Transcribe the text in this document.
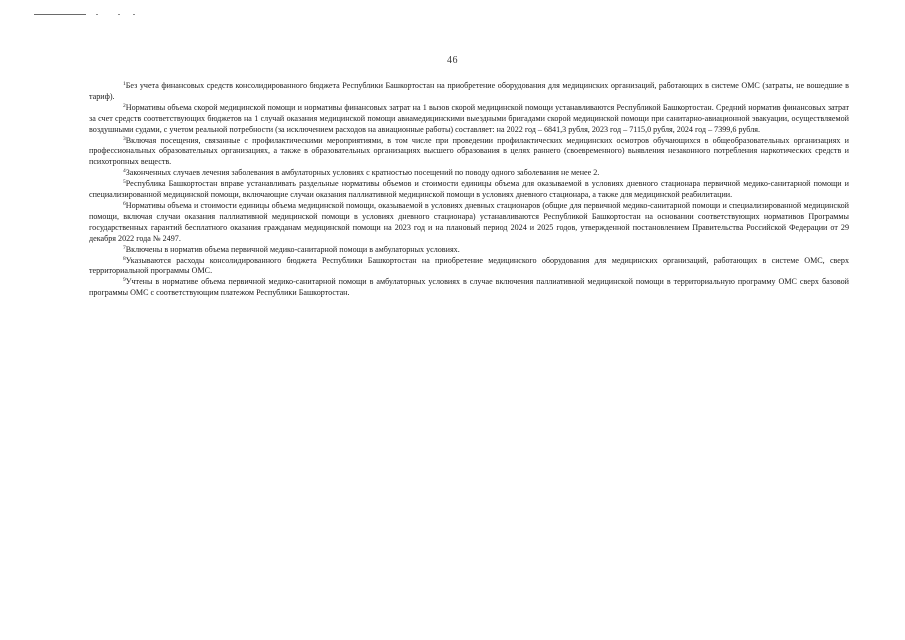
46

$^1$Без учета финансовых средств консолидированного бюджета Республики Башкортостан на приобретение оборудования для медицинских организаций, работающих в системе ОМС (затраты, не вошедшие в тариф).

$^2$Нормативы объема скорой медицинской помощи и нормативы финансовых затрат на 1 вызов скорой медицинской помощи устанавливаются Республикой Башкортостан. Средний норматив финансовых затрат за счет средств соответствующих бюджетов на 1 случай оказания медицинской помощи авиамедицинскими выездными бригадами скорой медицинской помощи при санитарно-авиационной эвакуации, осуществляемой воздушными судами, с учетом реальной потребности (за исключением расходов на авиационные работы) составляет: на 2022 год – 6841,3 рубля, 2023 год – 7115,0 рубля, 2024 год – 7399,6 рубля.

$^3$Включая посещения, связанные с профилактическими мероприятиями, в том числе при проведении профилактических медицинских осмотров обучающихся в общеобразовательных организациях и профессиональных образовательных организациях, а также в образовательных организациях высшего образования в целях раннего (своевременного) выявления незаконного потребления наркотических средств и психотропных веществ.

$^4$Законченных случаев лечения заболевания в амбулаторных условиях с кратностью посещений по поводу одного заболевания не менее 2.

$^5$Республика Башкортостан вправе устанавливать раздельные нормативы объемов и стоимости единицы объема для оказываемой в условиях дневного стационара первичной медико-санитарной помощи и специализированной медицинской помощи, включающие случаи оказания паллиативной медицинской помощи в условиях дневного стационара, а также для медицинской реабилитации.

$^6$Нормативы объема и стоимости единицы объема медицинской помощи, оказываемой в условиях дневных стационаров (общие для первичной медико-санитарной помощи и специализированной медицинской помощи, включая случаи оказания паллиативной медицинской помощи в условиях дневного стационара) устанавливаются Республикой Башкортостан на основании соответствующих нормативов Программы государственных гарантий бесплатного оказания гражданам медицинской помощи на 2023 год и на плановый период 2024 и 2025 годов, утвержденной постановлением Правительства Российской Федерации от 29 декабря 2022 года № 2497.

$^7$Включены в норматив объема первичной медико-санитарной помощи в амбулаторных условиях.

$^8$Указываются расходы консолидированного бюджета Республики Башкортостан на приобретение медицинского оборудования для медицинских организаций, работающих в системе ОМС, сверх территориальной программы ОМС.

$^9$Учтены в нормативе объема первичной медико-санитарной помощи в амбулаторных условиях в случае включения паллиативной медицинской помощи в территориальную программу ОМС сверх базовой программы ОМС с соответствующим платежом Республики Башкортостан.
